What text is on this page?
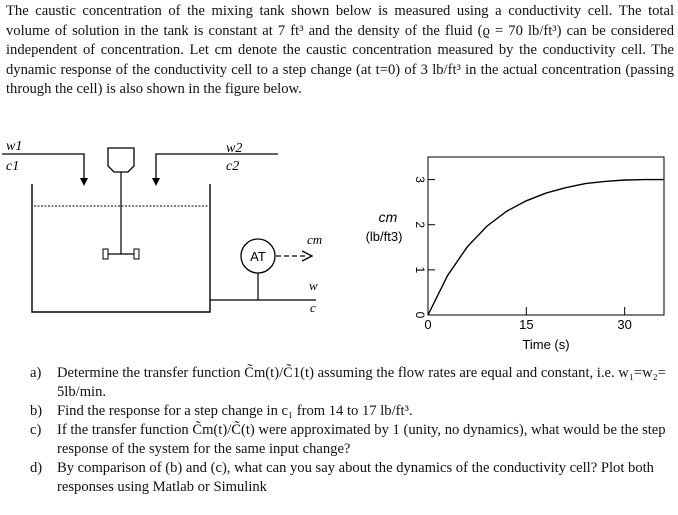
The caustic concentration of the mixing tank shown below is measured using a conductivity cell. The total volume of solution in the tank is constant at 7 ft³ and the density of the fluid (ϱ = 70 lb/ft³) can be considered independent of concentration. Let cm denote the caustic concentration measured by the conductivity cell. The dynamic response of the conductivity cell to a step change (at t=0) of 3 lb/ft³ in the actual concentration (passing through the cell) is also shown in the figure below.
w1
c1
w2
c2
AT
cm
w
c
cm
(lb/ft3)
0
1
2
3
0	15	30
Time (s)
a)	Determine the transfer function C̃m(t)/C̃1(t) assuming the flow rates are equal and constant, i.e. w₁=w₂= 5lb/min.
b)	Find the response for a step change in c₁ from 14 to 17 lb/ft³.
c)	If the transfer function C̃m(t)/C̃(t) were approximated by 1 (unity, no dynamics), what would be the step response of the system for the same input change?
d)	By comparison of (b) and (c), what can you say about the dynamics of the conductivity cell? Plot both responses using Matlab or Simulink
